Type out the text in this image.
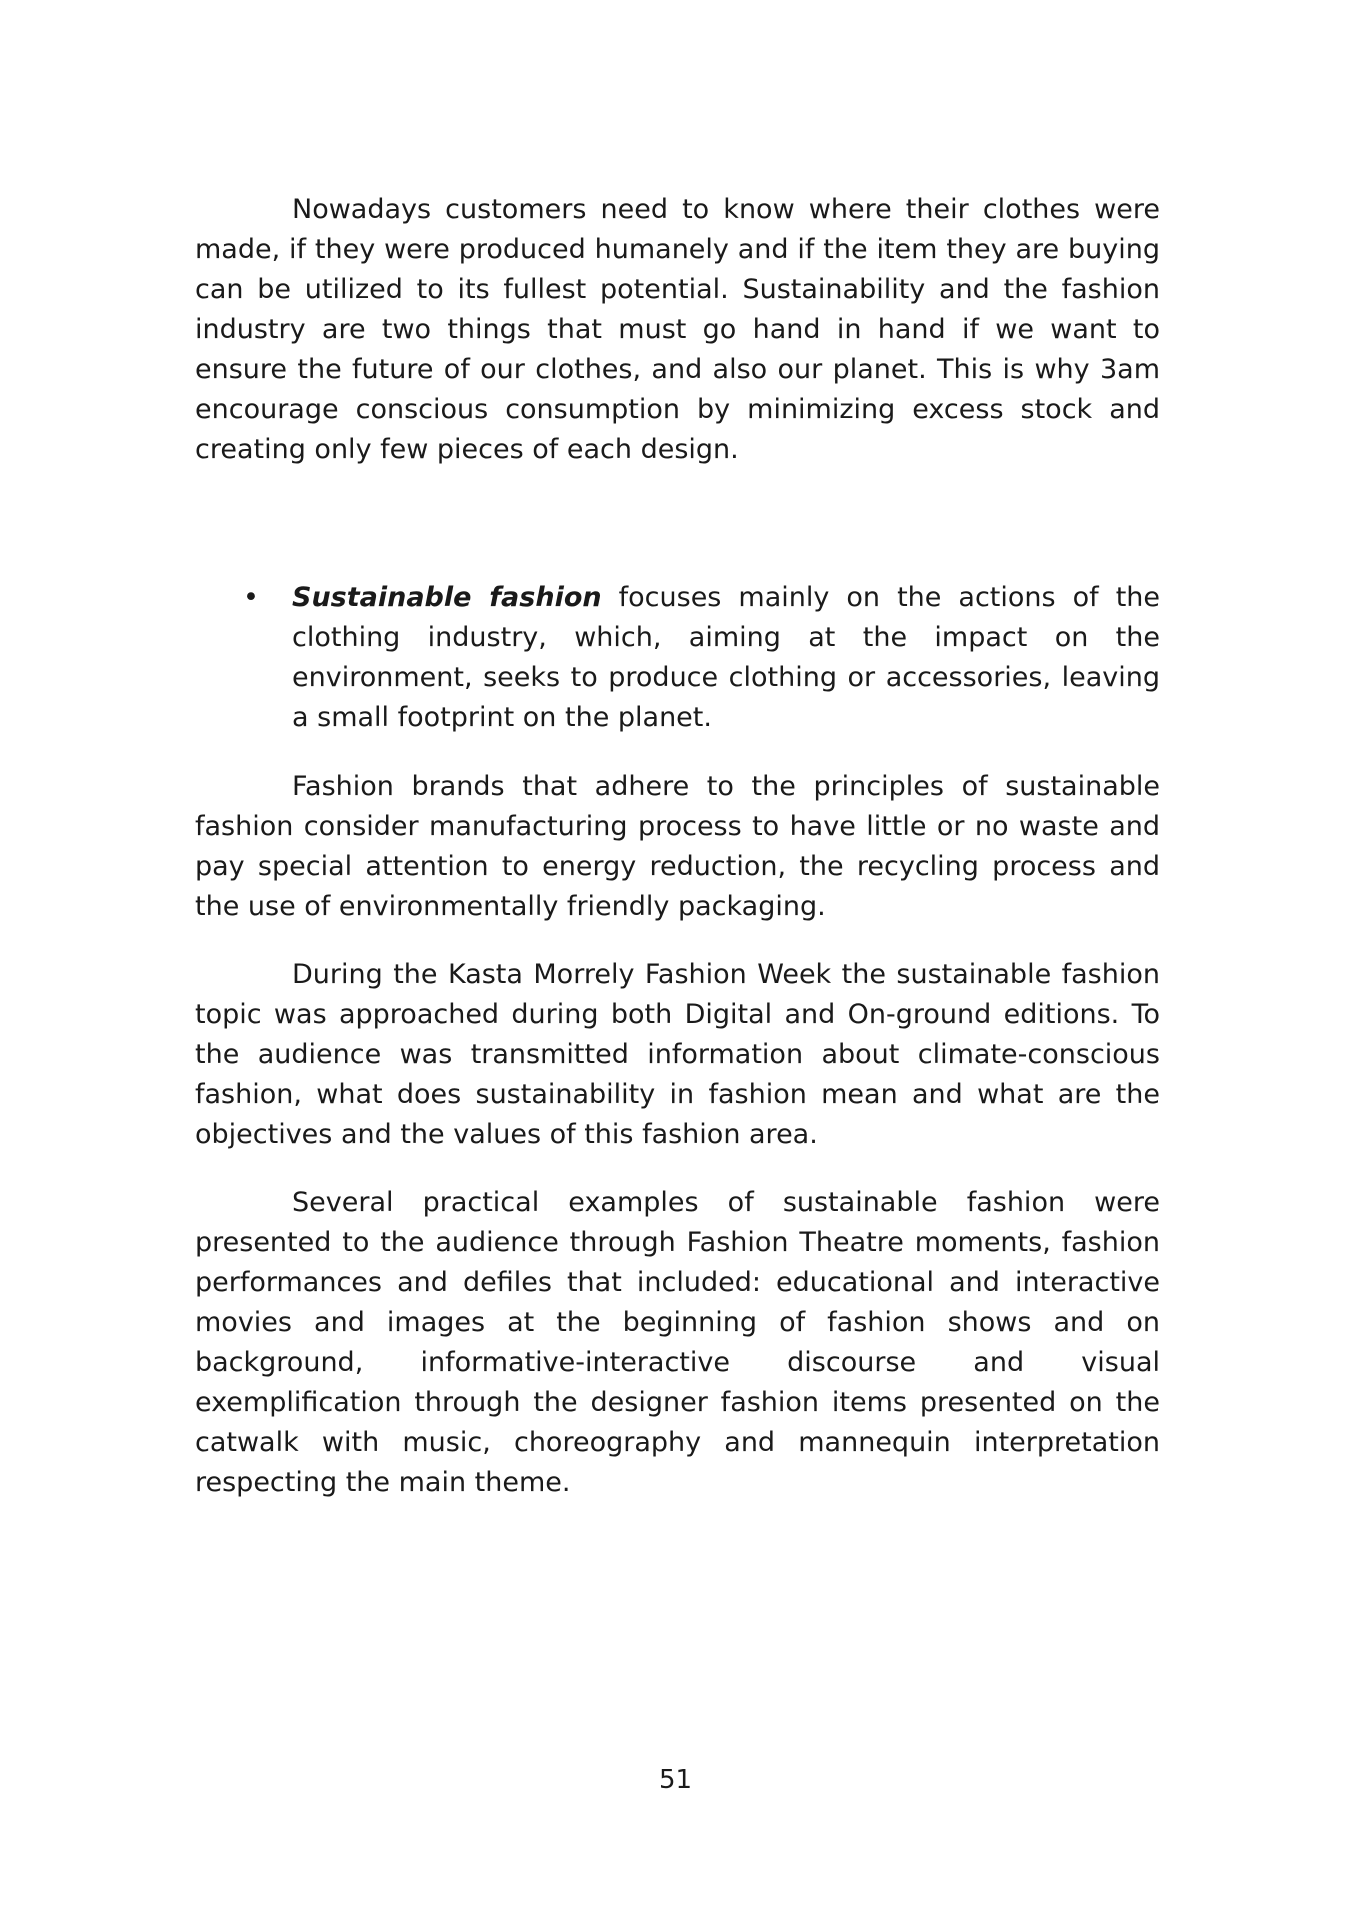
Nowadays customers need to know where their clothes were made, if they were produced humanely and if the item they are buying can be utilized to its fullest potential. Sustainability and the fashion industry are two things that must go hand in hand if we want to ensure the future of our clothes, and also our planet. This is why 3am encourage conscious consumption by minimizing excess stock and creating only few pieces of each design.

• Sustainable fashion focuses mainly on the actions of the clothing industry, which, aiming at the impact on the environment, seeks to produce clothing or accessories, leaving a small footprint on the planet.

Fashion brands that adhere to the principles of sustainable fashion consider manufacturing process to have little or no waste and pay special attention to energy reduction, the recycling process and the use of environmentally friendly packaging.

During the Kasta Morrely Fashion Week the sustainable fashion topic was approached during both Digital and On-ground editions. To the audience was transmitted information about climate-conscious fashion, what does sustainability in fashion mean and what are the objectives and the values of this fashion area.

Several practical examples of sustainable fashion were presented to the audience through Fashion Theatre moments, fashion performances and defiles that included: educational and interactive movies and images at the beginning of fashion shows and on background, informative-interactive discourse and visual exemplification through the designer fashion items presented on the catwalk with music, choreography and mannequin interpretation respecting the main theme.

51
